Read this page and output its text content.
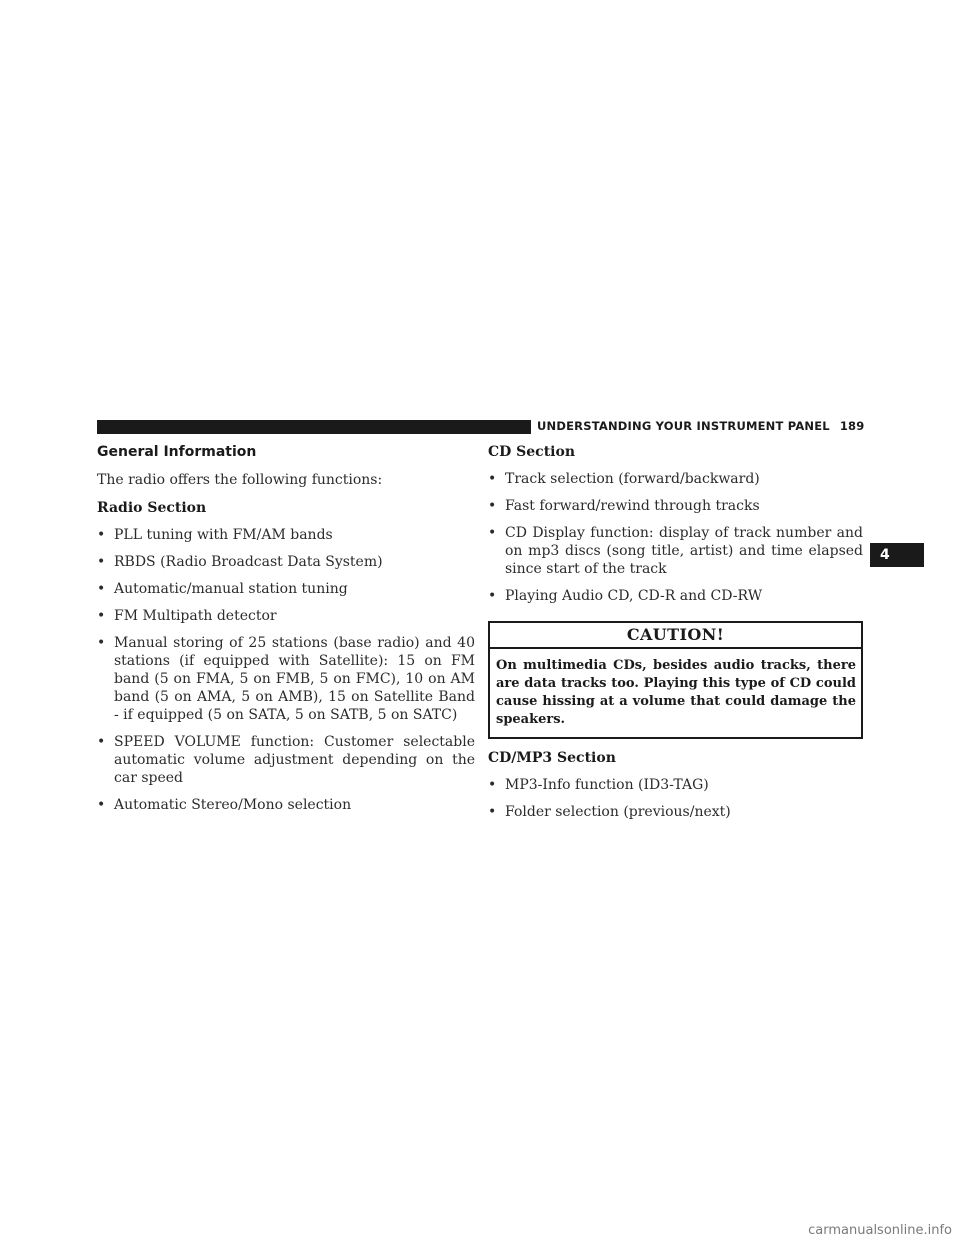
UNDERSTANDING YOUR INSTRUMENT PANEL 189
4
General Information

The radio offers the following functions:

Radio Section
• PLL tuning with FM/AM bands
• RBDS (Radio Broadcast Data System)
• Automatic/manual station tuning
• FM Multipath detector
• Manual storing of 25 stations (base radio) and 40 stations (if equipped with Satellite): 15 on FM band (5 on FMA, 5 on FMB, 5 on FMC), 10 on AM band (5 on AMA, 5 on AMB), 15 on Satellite Band - if equipped (5 on SATA, 5 on SATB, 5 on SATC)
• SPEED VOLUME function: Customer selectable automatic volume adjustment depending on the car speed
• Automatic Stereo/Mono selection
CD Section
• Track selection (forward/backward)
• Fast forward/rewind through tracks
• CD Display function: display of track number and on mp3 discs (song title, artist) and time elapsed since start of the track
• Playing Audio CD, CD-R and CD-RW
CAUTION!
On multimedia CDs, besides audio tracks, there are data tracks too. Playing this type of CD could cause hissing at a volume that could damage the speakers.
CD/MP3 Section
• MP3-Info function (ID3-TAG)
• Folder selection (previous/next)
carmanualsonline.info
